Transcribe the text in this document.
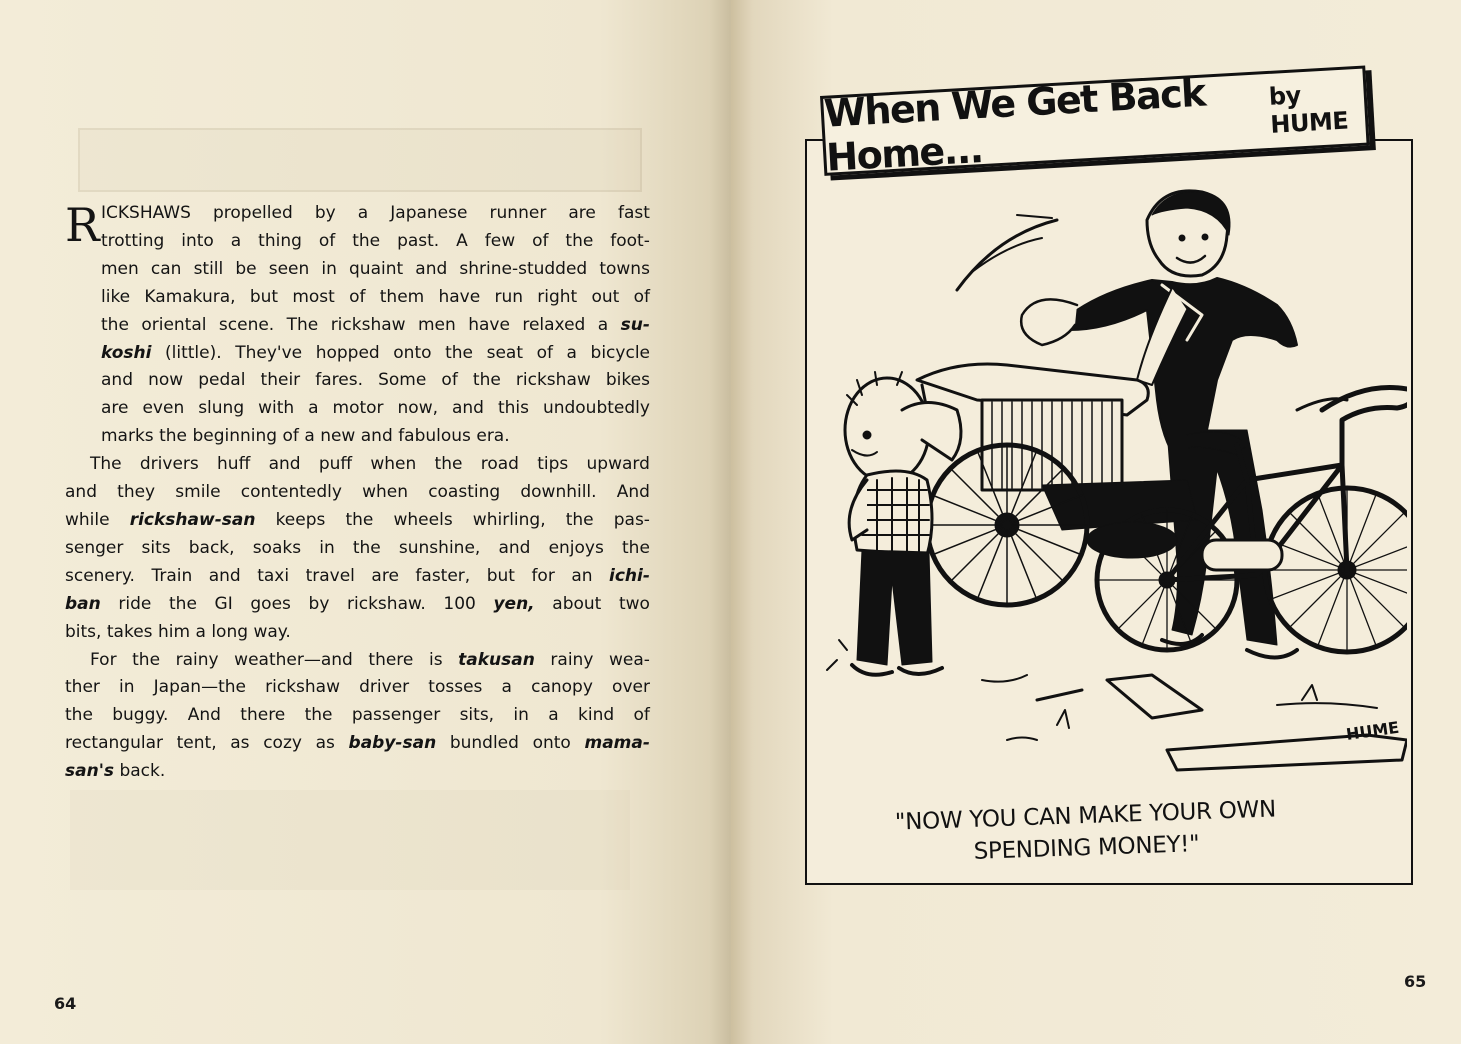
R ICKSHAWS propelled by a Japanese runner are fast
trotting into a thing of the past. A few of the foot-
men can still be seen in quaint and shrine-studded towns
like Kamakura, but most of them have run right out of
the oriental scene. The rickshaw men have relaxed a su-
koshi (little). They've hopped onto the seat of a bicycle
and now pedal their fares. Some of the rickshaw bikes
are even slung with a motor now, and this undoubtedly
marks the beginning of a new and fabulous era.
The drivers huff and puff when the road tips upward
and they smile contentedly when coasting downhill. And
while rickshaw-san keeps the wheels whirling, the pas-
senger sits back, soaks in the sunshine, and enjoys the
scenery. Train and taxi travel are faster, but for an ichi-
ban ride the GI goes by rickshaw. 100 yen, about two
bits, takes him a long way.
For the rainy weather—and there is takusan rainy wea-
ther in Japan—the rickshaw driver tosses a canopy over
the buggy. And there the passenger sits, in a kind of
rectangular tent, as cozy as baby-san bundled onto mama-
san's back.
64
When We Get Back Home...
by HUME
HUME
"NOW YOU CAN MAKE YOUR OWN
SPENDING MONEY!"
65
